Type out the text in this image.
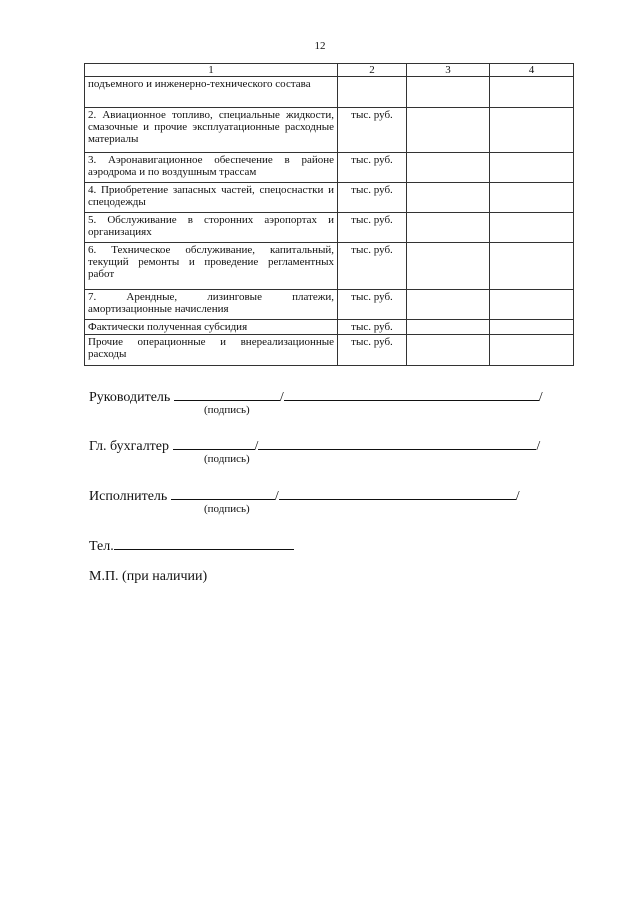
12
1	2	3	4
подъемного и инженерно-технического состава			
2. Авиационное топливо, специальные жидкости, смазочные и прочие эксплуатационные расходные материалы	тыс. руб.		
3. Аэронавигационное обеспечение в районе аэродрома и по воздушным трассам	тыс. руб.		
4. Приобретение запасных частей, спецоснастки и спецодежды	тыс. руб.		
5. Обслуживание в сторонних аэропортах и организациях	тыс. руб.		
6. Техническое обслуживание, капитальный, текущий ремонты и проведение регламентных работ	тыс. руб.		
7. Арендные, лизинговые платежи, амортизационные начисления	тыс. руб.		
Фактически полученная субсидия	тыс. руб.		
Прочие операционные и внереализационные расходы	тыс. руб.		
Руководитель	/	/
(подпись)
Гл. бухгалтер	/	/
(подпись)
Исполнитель	/	/
(подпись)
Тел.
М.П. (при наличии)
